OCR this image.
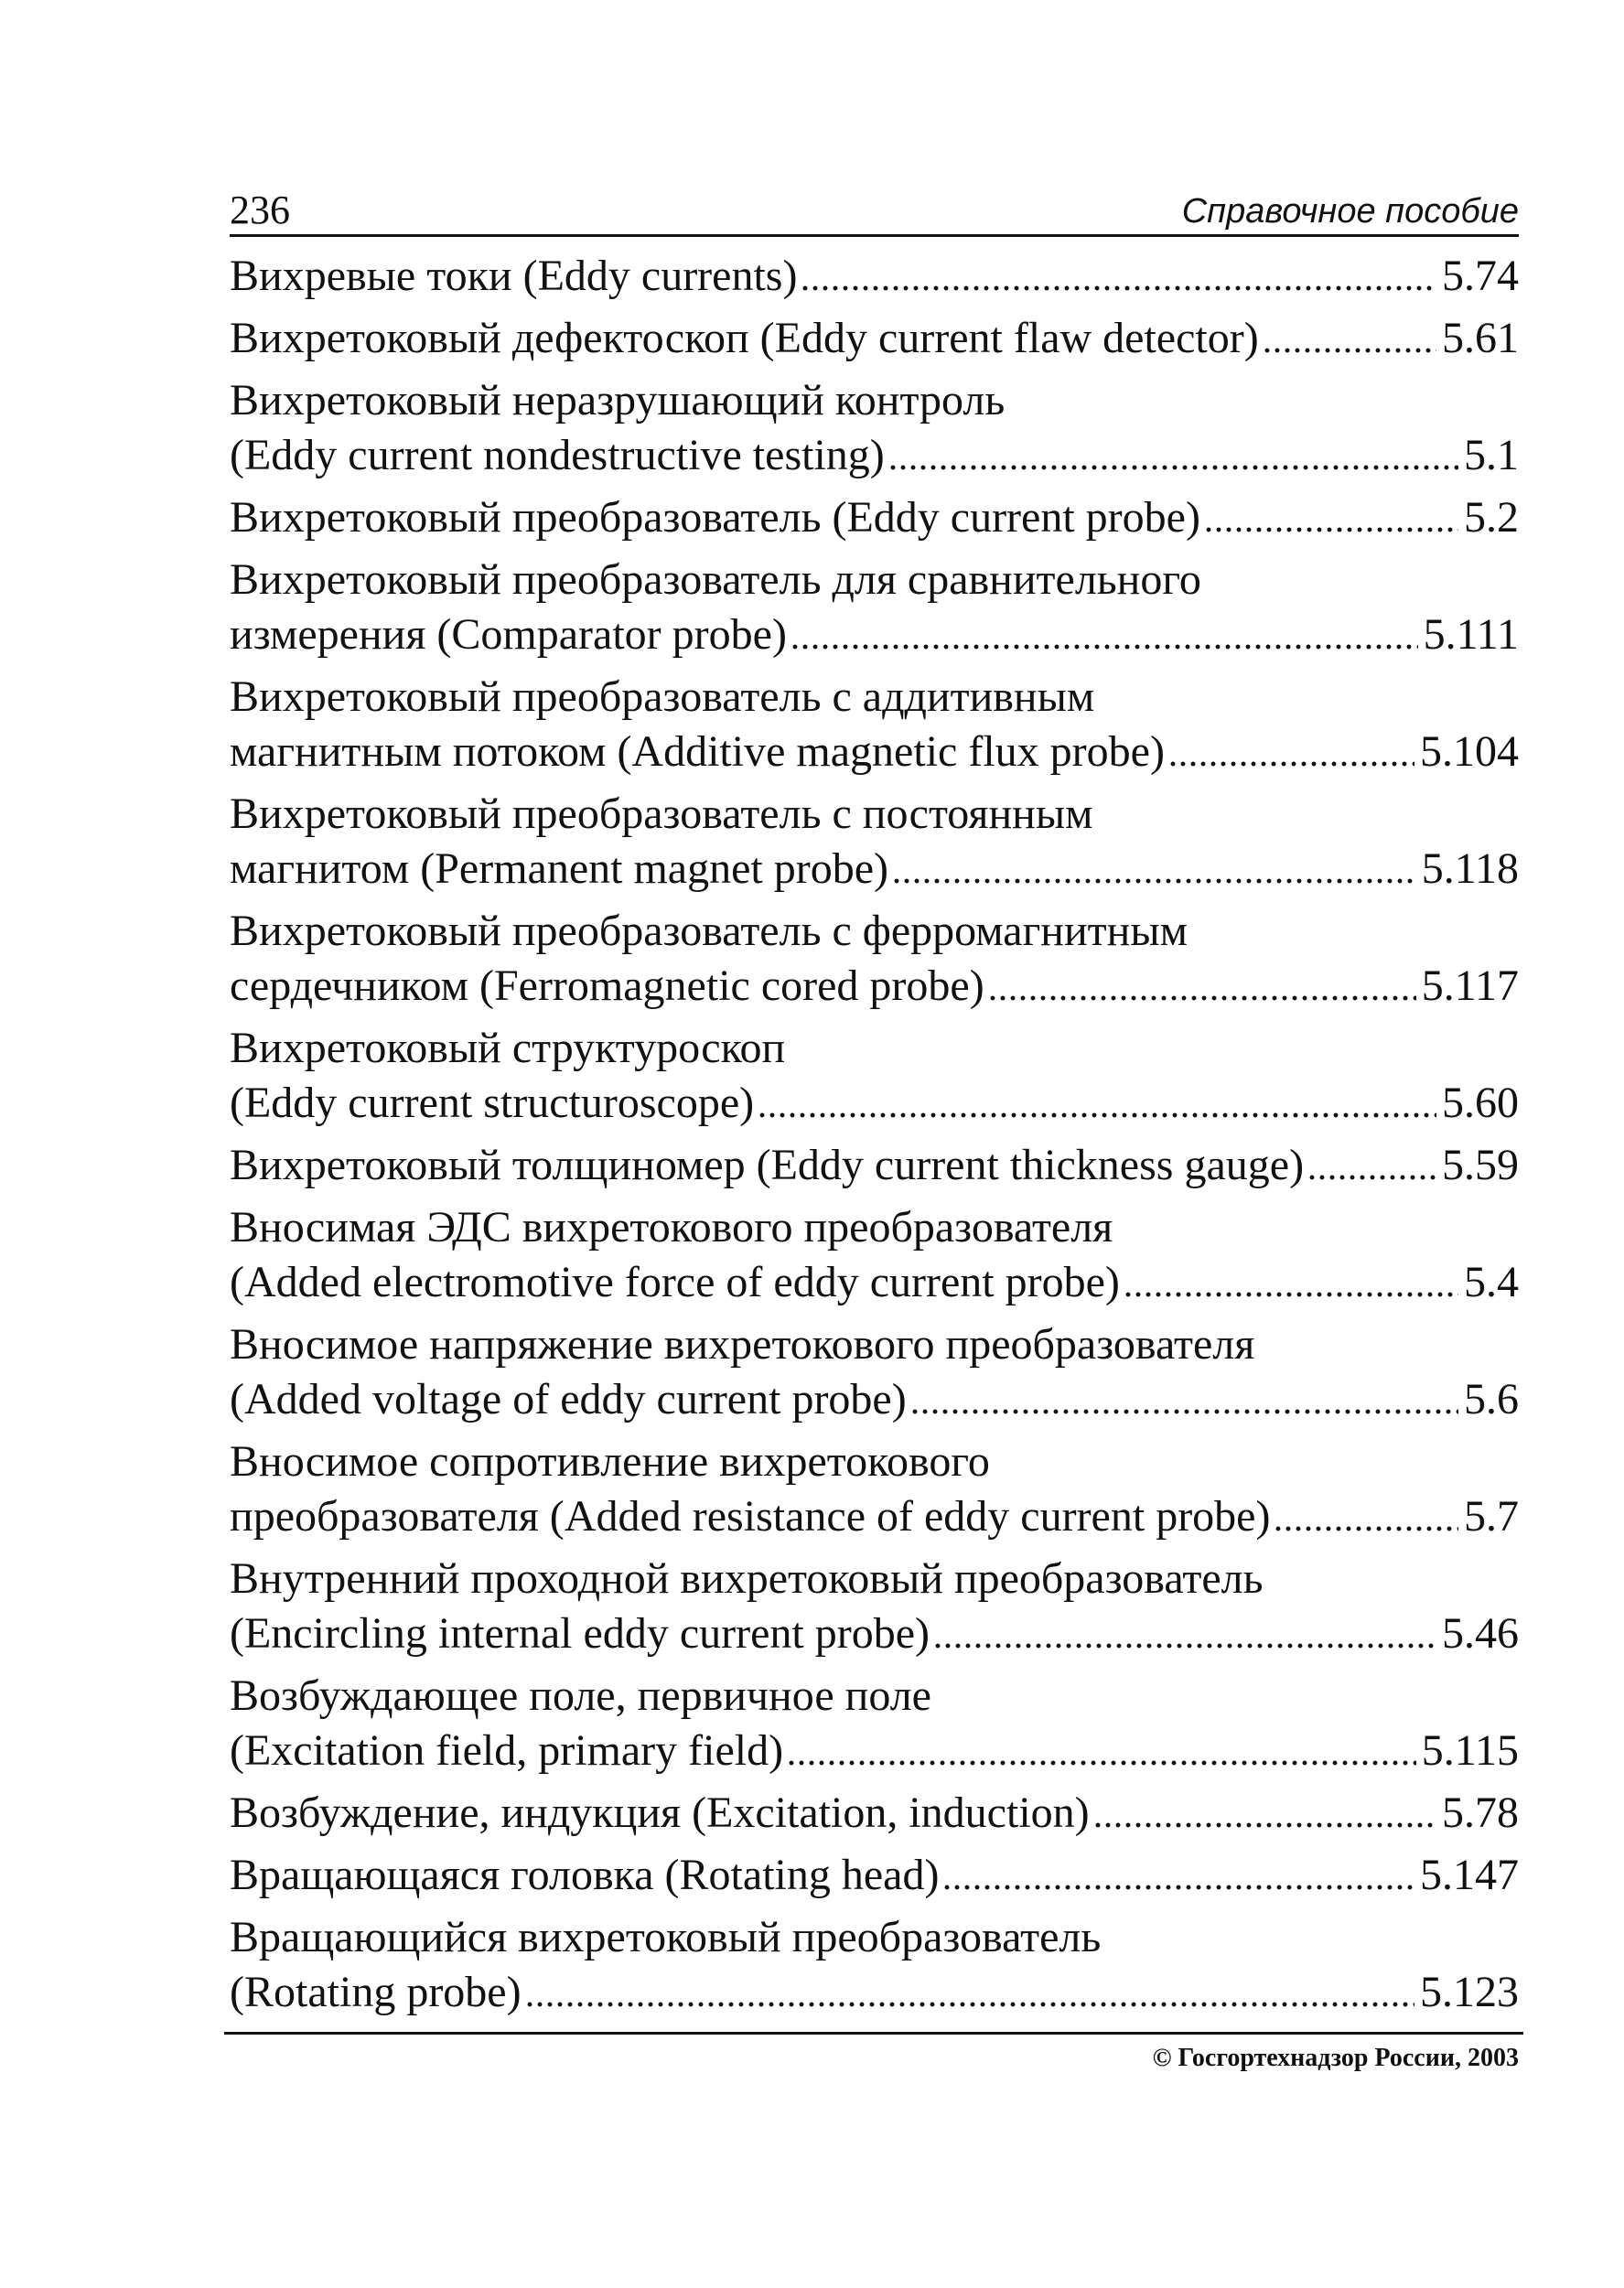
236	Справочное пособие
Вихревые токи (Eddy currents)	5.74
Вихретоковый дефектоскоп (Eddy current flaw detector)	5.61
Вихретоковый неразрушающий контроль
(Eddy current nondestructive testing)	5.1
Вихретоковый преобразователь (Eddy current probe)	5.2
Вихретоковый преобразователь для сравнительного
измерения (Comparator probe)	5.111
Вихретоковый преобразователь с аддитивным
магнитным потоком (Additive magnetic flux probe)	5.104
Вихретоковый преобразователь с постоянным
магнитом (Permanent magnet probe)	5.118
Вихретоковый преобразователь с ферромагнитным
сердечником (Ferromagnetic cored probe)	5.117
Вихретоковый структуроскоп
(Eddy current structuroscope)	5.60
Вихретоковый толщиномер (Eddy current thickness gauge)	5.59
Вносимая ЭДС вихретокового преобразователя
(Added electromotive force of eddy current probe)	5.4
Вносимое напряжение вихретокового преобразователя
(Added voltage of eddy current probe)	5.6
Вносимое сопротивление вихретокового
преобразователя (Added resistance of eddy current probe)	5.7
Внутренний проходной вихретоковый преобразователь
(Encircling internal eddy current probe)	5.46
Возбуждающее поле, первичное поле
(Excitation field, primary field)	5.115
Возбуждение, индукция (Excitation, induction)	5.78
Вращающаяся головка (Rotating head)	5.147
Вращающийся вихретоковый преобразователь
(Rotating probe)	5.123
© Госгортехнадзор России, 2003
